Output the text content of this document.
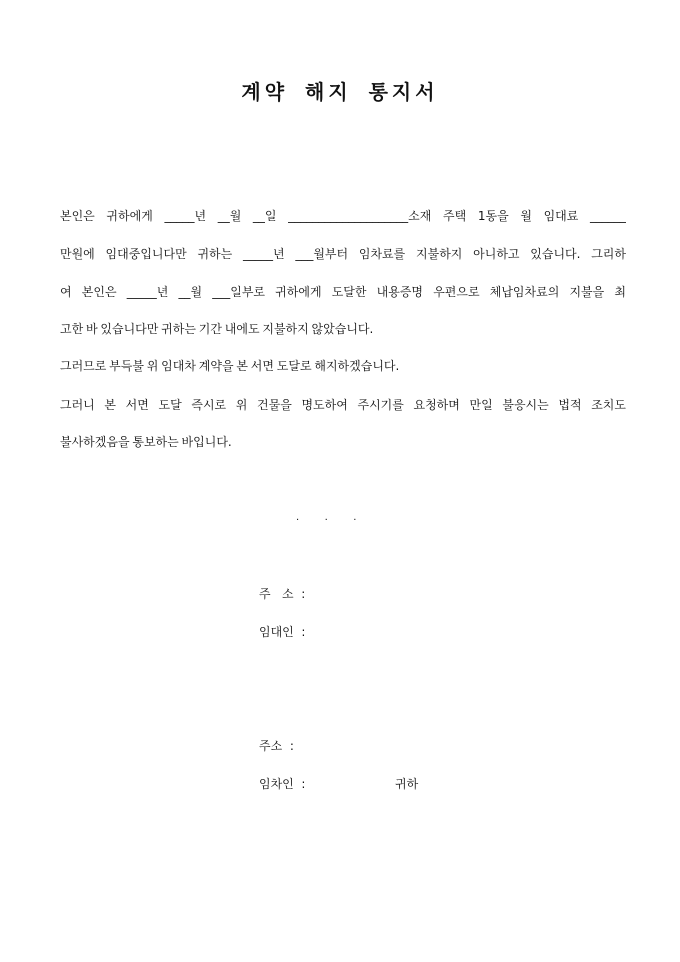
계약 해지 통지서
본인은 귀하에게 _____년 __월 __일 ____________________소재 주택 1동을 월 임대료 ______
만원에 임대중입니다만 귀하는 _____년 ___월부터 임차료를 지불하지 아니하고 있습니다. 그리하
여 본인은 _____년 __월 ___일부로 귀하에게 도달한 내용증명 우편으로 체납임차료의 지불을 최
고한 바 있습니다만 귀하는 기간 내에도 지불하지 않았습니다.
그러므로 부득불 위 임대차 계약을 본 서면 도달로 해지하겠습니다.
그러니 본 서면 도달 즉시로 위 건물을 명도하여 주시기를 요청하며 만일 불응시는 법적 조치도
불사하겠음을 통보하는 바입니다.
.        .        .
주   소  :
임대인  :
주소  :
임차인  :	귀하
